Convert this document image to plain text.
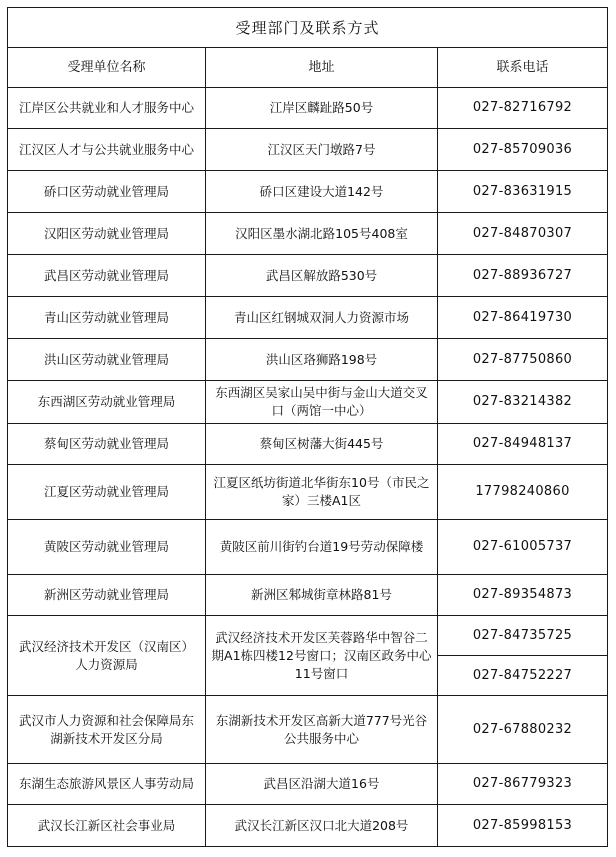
受理部门及联系方式		
受理单位名称	地址	联系电话
江岸区公共就业和人才服务中心	江岸区麟趾路50号	027-82716792
江汉区人才与公共就业服务中心	江汉区天门墩路7号	027-85709036
硚口区劳动就业管理局	硚口区建设大道142号	027-83631915
汉阳区劳动就业管理局	汉阳区墨水湖北路105号408室	027-84870307
武昌区劳动就业管理局	武昌区解放路530号	027-88936727
青山区劳动就业管理局	青山区红钢城双洞人力资源市场	027-86419730
洪山区劳动就业管理局	洪山区珞狮路198号	027-87750860
东西湖区劳动就业管理局	东西湖区吴家山吴中街与金山大道交叉口（两馆一中心）	027-83214382
蔡甸区劳动就业管理局	蔡甸区树藩大街445号	027-84948137
江夏区劳动就业管理局	江夏区纸坊街道北华街东10号（市民之家）三楼A1区	17798240860
黄陂区劳动就业管理局	黄陂区前川街钓台道19号劳动保障楼	027-61005737
新洲区劳动就业管理局	新洲区邾城街章林路81号	027-89354873
武汉经济技术开发区（汉南区）人力资源局	武汉经济技术开发区芙蓉路华中智谷二期A1栋四楼12号窗口；汉南区政务中心11号窗口	027-84735725
		027-84752227
武汉市人力资源和社会保障局东湖新技术开发区分局	东湖新技术开发区高新大道777号光谷公共服务中心	027-67880232
东湖生态旅游风景区人事劳动局	武昌区沿湖大道16号	027-86779323
武汉长江新区社会事业局	武汉长江新区汉口北大道208号	027-85998153
